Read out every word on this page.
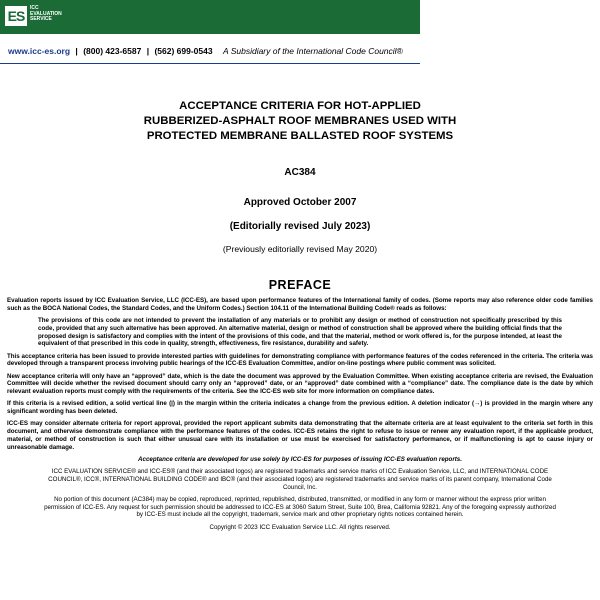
ES	ICC
EVALUATION
SERVICE
www.icc-es.org | (800) 423-6587 | (562) 699-0543 A Subsidiary of the International Code Council®
ACCEPTANCE CRITERIA FOR HOT-APPLIED
RUBBERIZED-ASPHALT ROOF MEMBRANES USED WITH
PROTECTED MEMBRANE BALLASTED ROOF SYSTEMS
AC384
Approved October 2007
(Editorially revised July 2023)
(Previously editorially revised May 2020)
PREFACE

Evaluation reports issued by ICC Evaluation Service, LLC (ICC-ES), are based upon performance features of the International family of codes. (Some reports may also reference older code families such as the BOCA National Codes, the Standard Codes, and the Uniform Codes.) Section 104.11 of the International Building Code® reads as follows:

The provisions of this code are not intended to prevent the installation of any materials or to prohibit any design or method of construction not specifically prescribed by this code, provided that any such alternative has been approved. An alternative material, design or method of construction shall be approved where the building official finds that the proposed design is satisfactory and complies with the intent of the provisions of this code, and that the material, method or work offered is, for the purpose intended, at least the equivalent of that prescribed in this code in quality, strength, effectiveness, fire resistance, durability and safety.

This acceptance criteria has been issued to provide interested parties with guidelines for demonstrating compliance with performance features of the codes referenced in the criteria. The criteria was developed through a transparent process involving public hearings of the ICC-ES Evaluation Committee, and/or on-line postings where public comment was solicited.

New acceptance criteria will only have an “approved” date, which is the date the document was approved by the Evaluation Committee. When existing acceptance criteria are revised, the Evaluation Committee will decide whether the revised document should carry only an “approved” date, or an “approved” date combined with a “compliance” date. The compliance date is the date by which relevant evaluation reports must comply with the requirements of the criteria. See the ICC-ES web site for more information on compliance dates.

If this criteria is a revised edition, a solid vertical line (|) in the margin within the criteria indicates a change from the previous edition. A deletion indicator (→) is provided in the margin where any significant wording has been deleted.

ICC-ES may consider alternate criteria for report approval, provided the report applicant submits data demonstrating that the alternate criteria are at least equivalent to the criteria set forth in this document, and otherwise demonstrate compliance with the performance features of the codes. ICC-ES retains the right to refuse to issue or renew any evaluation report, if the applicable product, material, or method of construction is such that either unusual care with its installation or use must be exercised for satisfactory performance, or if malfunctioning is apt to cause injury or unreasonable damage.

Acceptance criteria are developed for use solely by ICC-ES for purposes of issuing ICC-ES evaluation reports.

ICC EVALUATION SERVICE® and ICC-ES® (and their associated logos) are registered trademarks and service marks of ICC Evaluation Service, LLC, and INTERNATIONAL CODE COUNCIL®, ICC®, INTERNATIONAL BUILDING CODE® and IBC® (and their associated logos) are registered trademarks and service marks of its parent company, International Code Council, Inc.

No portion of this document (AC384) may be copied, reproduced, reprinted, republished, distributed, transmitted, or modified in any form or manner without the express prior written permission of ICC-ES. Any request for such permission should be addressed to ICC-ES at 3060 Saturn Street, Suite 100, Brea, California 92821. Any of the foregoing expressly authorized by ICC-ES must include all the copyright, trademark, service mark and other proprietary rights notices contained herein.

Copyright © 2023 ICC Evaluation Service LLC. All rights reserved.
